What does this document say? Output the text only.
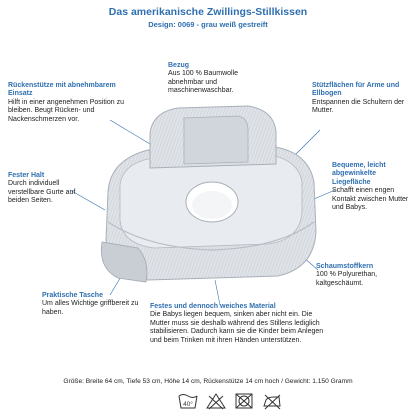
Das amerikanische Zwillings-Stillkissen
Design: 0069 - grau weiß gestreift
Rückenstütze mit abnehmbarem Einsatz
Hilft in einer angenehmen Position zu bleiben. Beugt Rücken- und Nackenschmerzen vor.
Bezug
Aus 100 % Baumwolle abnehmbar und maschinenwaschbar.
Stützflächen für Arme und Ellbogen
Entspannen die Schultern der Mutter.
Fester Halt
Durch individuell verstellbare Gurte auf beiden Seiten.
Bequeme, leicht abgewinkelte Liegefläche
Schafft einen engen Kontakt zwischen Mutter und Babys.
Schaumstoffkern
100 % Polyurethan, kaltgeschäumt.
Praktische Tasche
Um alles Wichtige griffbereit zu haben.
Festes und dennoch weiches Material
Die Babys liegen bequem, sinken aber nicht ein. Die Mutter muss sie deshalb während des Stillens lediglich stabilisieren. Dadurch kann sie die Kinder beim Anlegen und beim Trinken mit ihren Händen unterstützen.
Größe: Breite 64 cm, Tiefe 53 cm, Höhe 14 cm, Rückenstütze 14 cm hoch / Gewicht: 1.150 Gramm
40°
